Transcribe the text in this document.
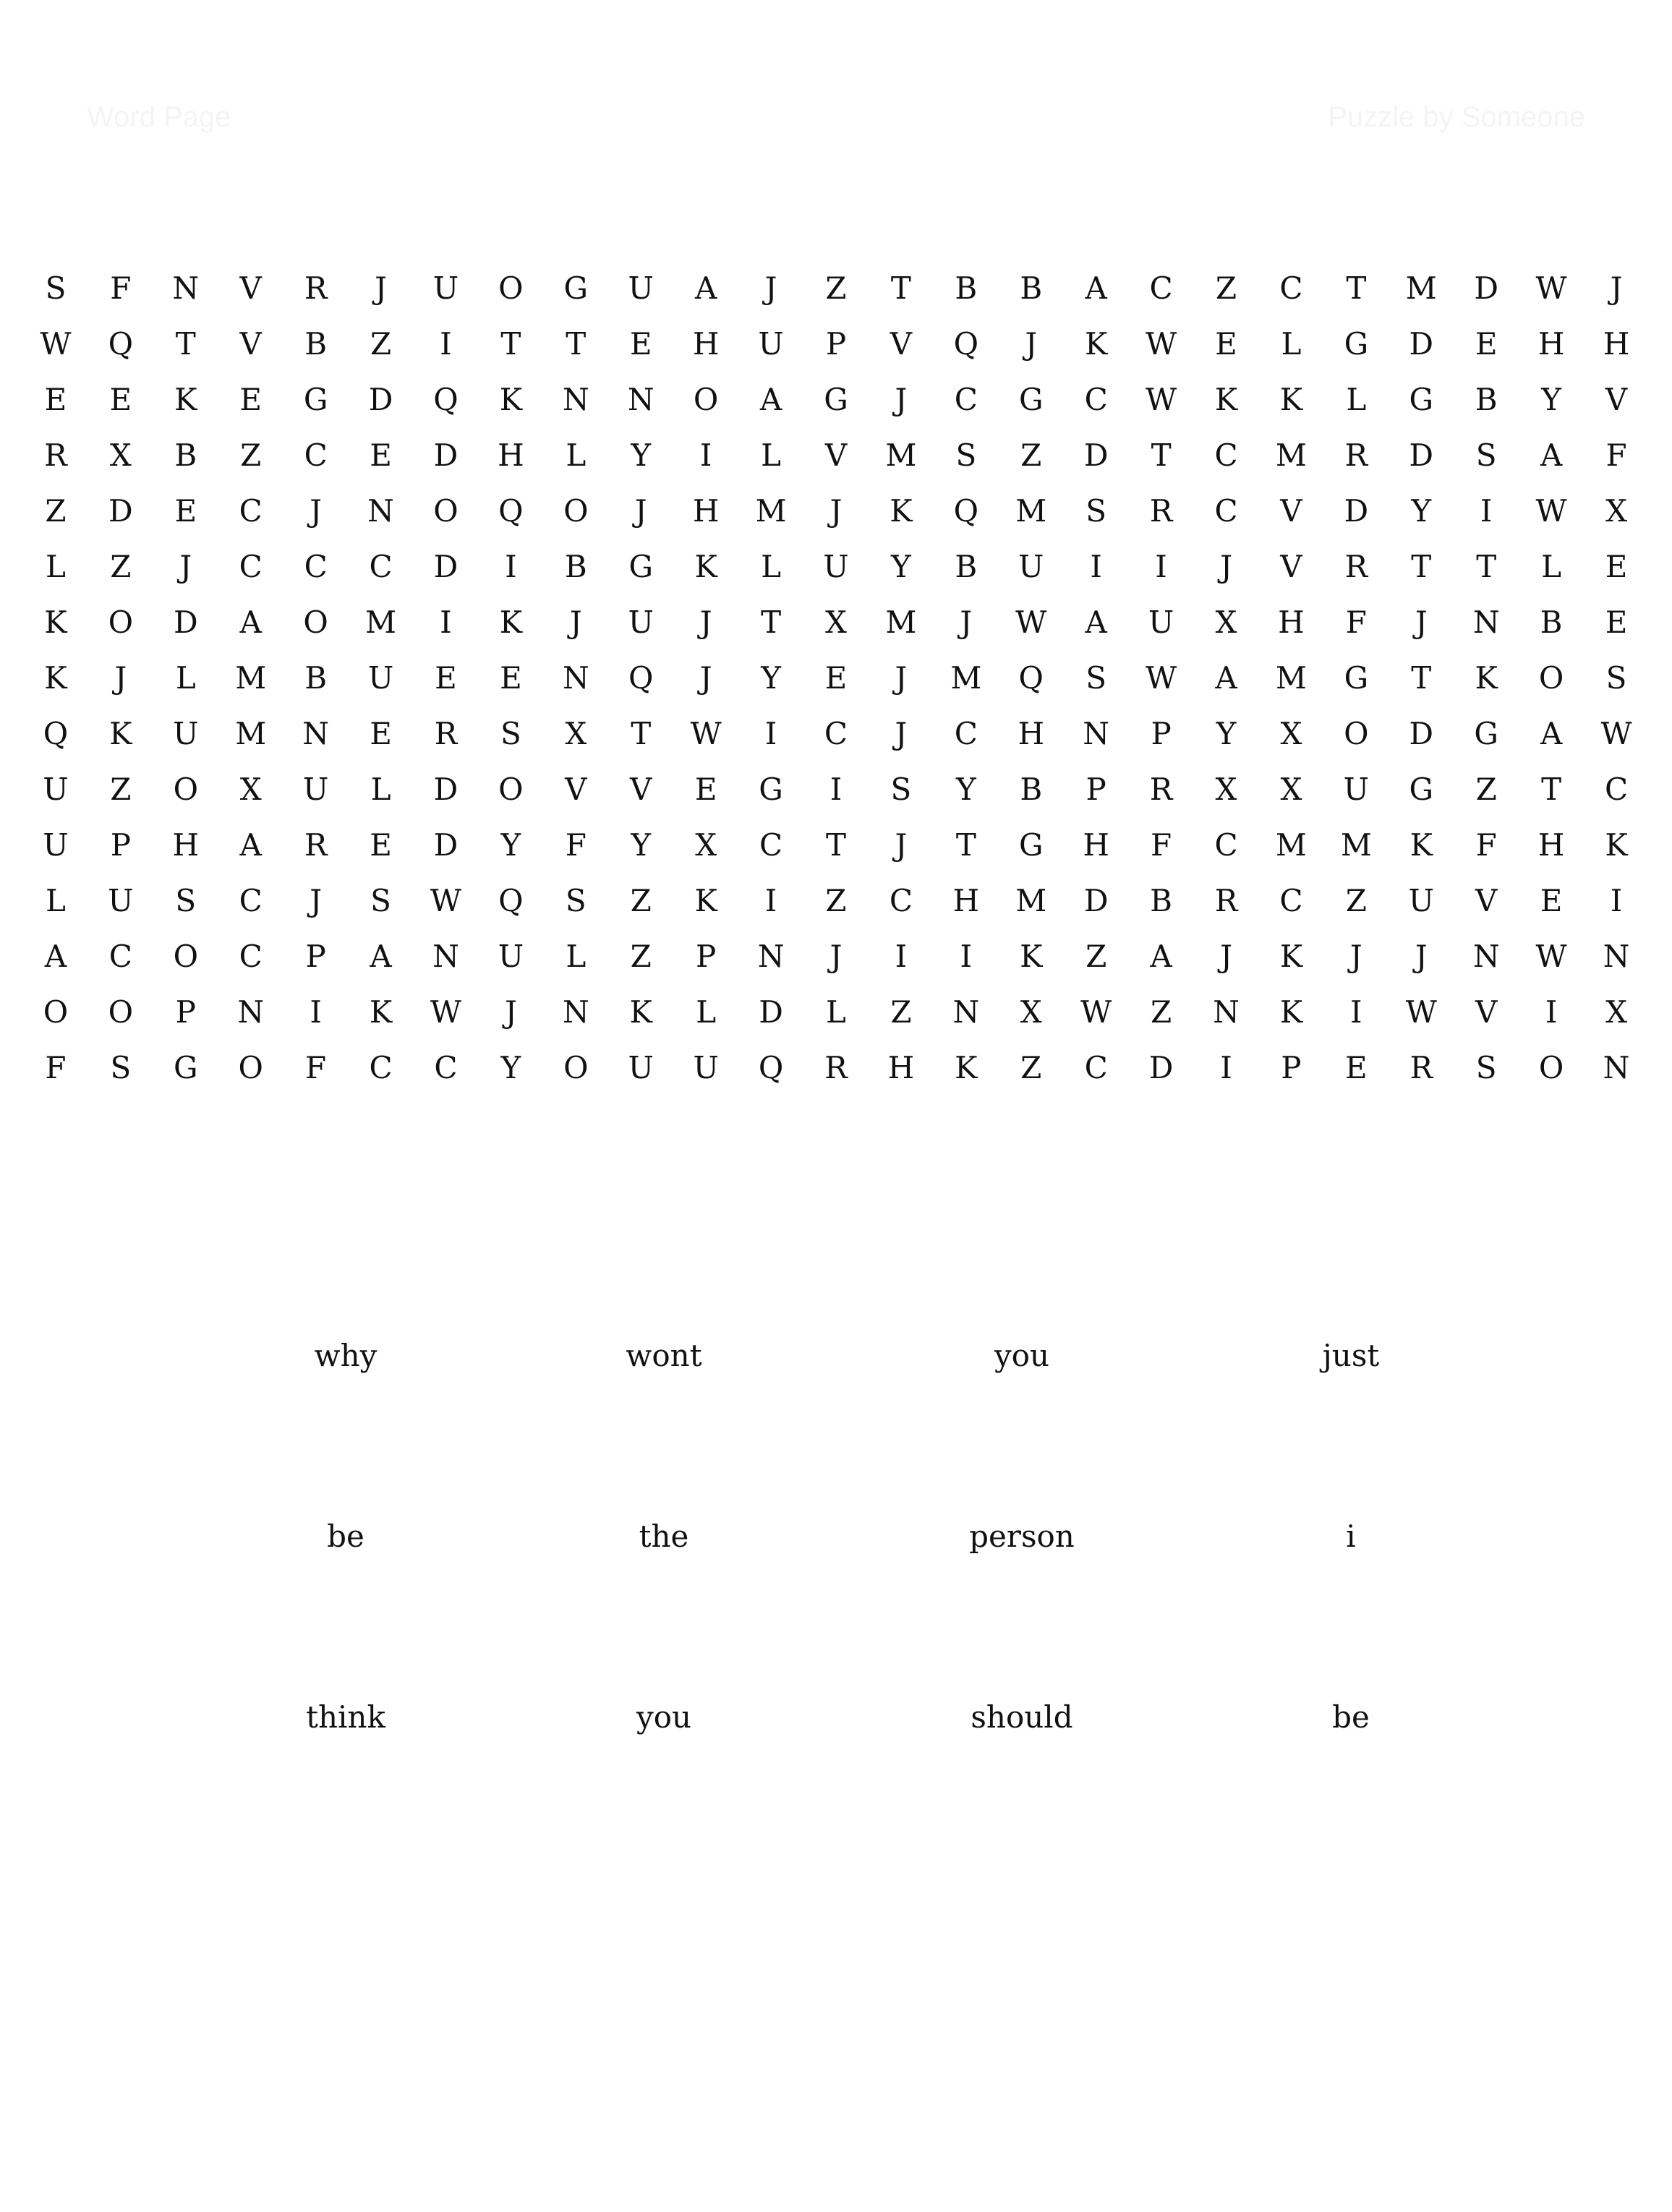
Word Page	Puzzle by Someone
S	F	N	V	R	J	U	O	G	U	A	J	Z	T	B	B	A	C	Z	C	T	M	D	W	J
W	Q	T	V	B	Z	I	T	T	E	H	U	P	V	Q	J	K	W	E	L	G	D	E	H	H
E	E	K	E	G	D	Q	K	N	N	O	A	G	J	C	G	C	W	K	K	L	G	B	Y	V
R	X	B	Z	C	E	D	H	L	Y	I	L	V	M	S	Z	D	T	C	M	R	D	S	A	F
Z	D	E	C	J	N	O	Q	O	J	H	M	J	K	Q	M	S	R	C	V	D	Y	I	W	X
L	Z	J	C	C	C	D	I	B	G	K	L	U	Y	B	U	I	I	J	V	R	T	T	L	E
K	O	D	A	O	M	I	K	J	U	J	T	X	M	J	W	A	U	X	H	F	J	N	B	E
K	J	L	M	B	U	E	E	N	Q	J	Y	E	J	M	Q	S	W	A	M	G	T	K	O	S
Q	K	U	M	N	E	R	S	X	T	W	I	C	J	C	H	N	P	Y	X	O	D	G	A	W
U	Z	O	X	U	L	D	O	V	V	E	G	I	S	Y	B	P	R	X	X	U	G	Z	T	C
U	P	H	A	R	E	D	Y	F	Y	X	C	T	J	T	G	H	F	C	M	M	K	F	H	K
L	U	S	C	J	S	W	Q	S	Z	K	I	Z	C	H	M	D	B	R	C	Z	U	V	E	I
A	C	O	C	P	A	N	U	L	Z	P	N	J	I	I	K	Z	A	J	K	J	J	N	W	N
O	O	P	N	I	K	W	J	N	K	L	D	L	Z	N	X	W	Z	N	K	I	W	V	I	X
F	S	G	O	F	C	C	Y	O	U	U	Q	R	H	K	Z	C	D	I	P	E	R	S	O	N
why	wont	you	just
be	the	person	i
think	you	should	be
